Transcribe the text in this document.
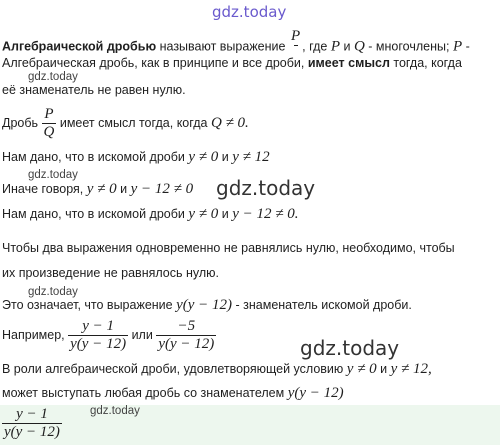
gdz.today
Алгебраической дробью называют выражение
P
, где P и Q - многочлены; P -
Алгебраическая дробь, как в принципе и все дроби, имеет смысл тогда, когда
gdz.today
её знаменатель не равен нулю.
Дробь $\frac{P}{Q}$ имеет смысл тогда, когда Q ≠ 0.
Нам дано, что в искомой дроби y ≠ 0 и y ≠ 12
gdz.today
Иначе говоря, y ≠ 0 и y − 12 ≠ 0 gdz.today
Нам дано, что в искомой дроби y ≠ 0 и y − 12 ≠ 0.
Чтобы два выражения одновременно не равнялись нулю, необходимо, чтобы
их произведение не равнялось нулю.
gdz.today
Это означает, что выражение y(y − 12) - знаменатель искомой дроби.
Например, $\frac{y - 1}{y(y - 12)}$ или $\frac{-5}{y(y - 12)}$	gdz.today
В роли алгебраической дроби, удовлетворяющей условию y ≠ 0 и y ≠ 12,
может выступать любая дробь со знаменателем y(y − 12)
$\frac{y - 1}{y(y - 12)}$ gdz.today
